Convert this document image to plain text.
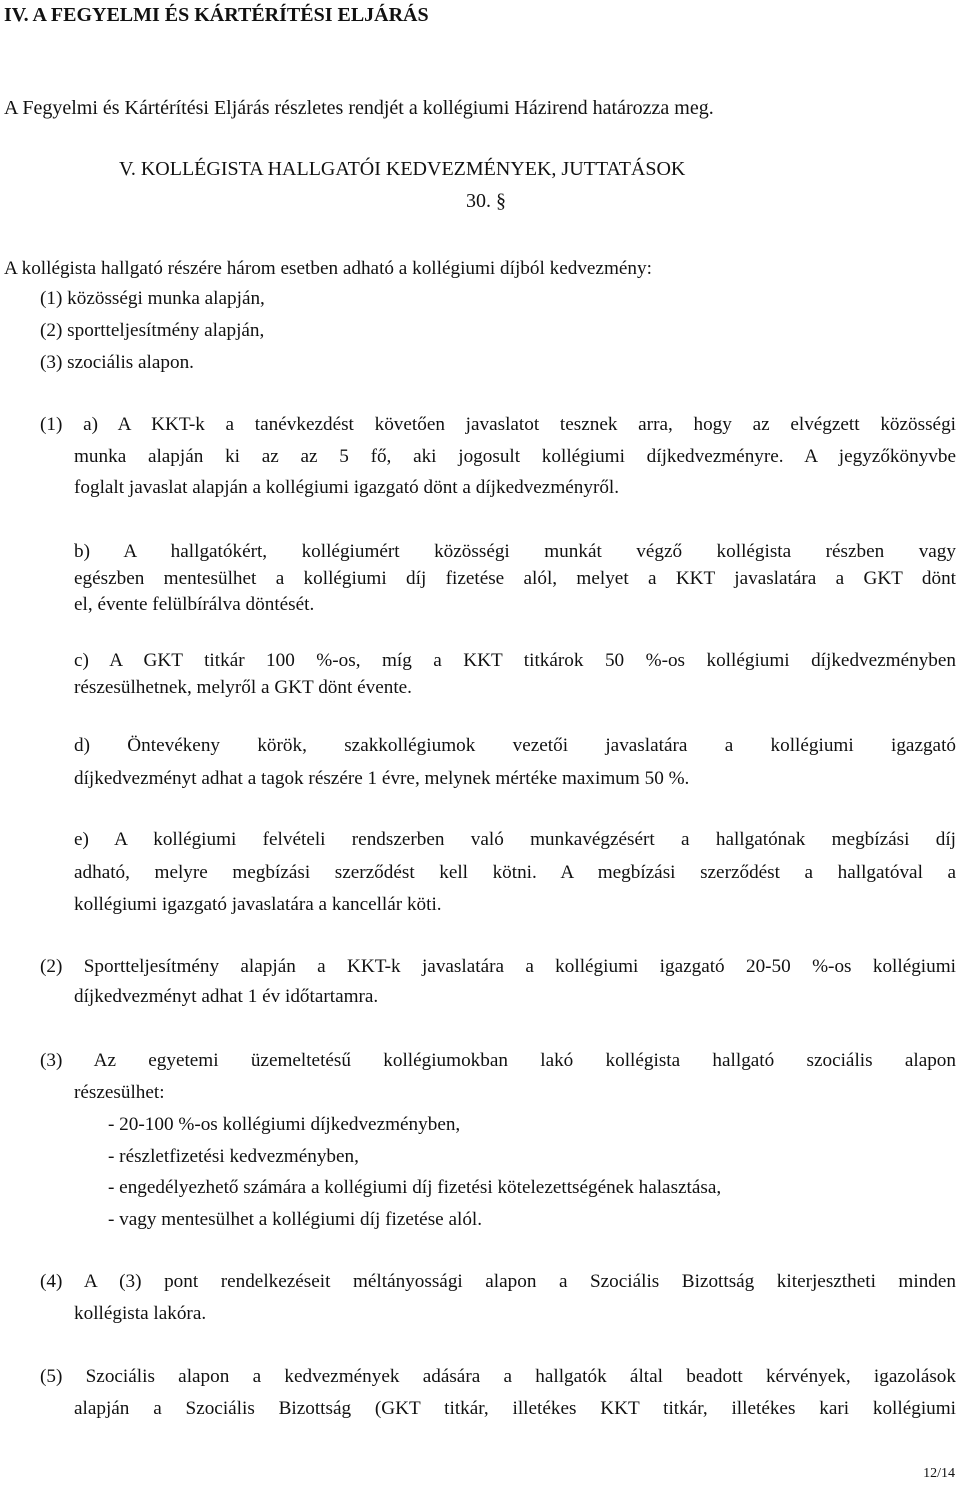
IV. A FEGYELMI ÉS KÁRTÉRÍTÉSI ELJÁRÁS
A Fegyelmi és Kártérítési Eljárás részletes rendjét a kollégiumi Házirend határozza meg.
V. KOLLÉGISTA HALLGATÓI KEDVEZMÉNYEK, JUTTATÁSOK
30. §
A kollégista hallgató részére három esetben adható a kollégiumi díjból kedvezmény:
(1) közösségi munka alapján,
(2) sportteljesítmény alapján,
(3) szociális alapon.
(1) a) A KKT-k a tanévkezdést követően javaslatot tesznek arra, hogy az elvégzett közösségi
munka alapján ki az az 5 fő, aki jogosult kollégiumi díjkedvezményre. A jegyzőkönyvbe
foglalt javaslat alapján a kollégiumi igazgató dönt a díjkedvezményről.
b) A hallgatókért, kollégiumért közösségi munkát végző kollégista részben vagy
egészben mentesülhet a kollégiumi díj fizetése alól, melyet a KKT javaslatára a GKT dönt
el, évente felülbírálva döntését.
c) A GKT titkár 100 %-os, míg a KKT titkárok 50 %-os kollégiumi díjkedvezményben
részesülhetnek, melyről a GKT dönt évente.
d) Öntevékeny körök, szakkollégiumok vezetői javaslatára a kollégiumi igazgató
díjkedvezményt adhat a tagok részére 1 évre, melynek mértéke maximum 50 %.
e) A kollégiumi felvételi rendszerben való munkavégzésért a hallgatónak megbízási díj
adható, melyre megbízási szerződést kell kötni. A megbízási szerződést a hallgatóval a
kollégiumi igazgató javaslatára a kancellár köti.
(2) Sportteljesítmény alapján a KKT-k javaslatára a kollégiumi igazgató 20-50 %-os kollégiumi
díjkedvezményt adhat 1 év időtartamra.
(3) Az egyetemi üzemeltetésű kollégiumokban lakó kollégista hallgató szociális alapon
részesülhet:
- 20-100 %-os kollégiumi díjkedvezményben,
- részletfizetési kedvezményben,
- engedélyezhető számára a kollégiumi díj fizetési kötelezettségének halasztása,
- vagy mentesülhet a kollégiumi díj fizetése alól.
(4) A (3) pont rendelkezéseit méltányossági alapon a Szociális Bizottság kiterjesztheti minden
kollégista lakóra.
(5) Szociális alapon a kedvezmények adására a hallgatók által beadott kérvények, igazolások
alapján a Szociális Bizottság (GKT titkár, illetékes KKT titkár, illetékes kari kollégiumi
12/14
